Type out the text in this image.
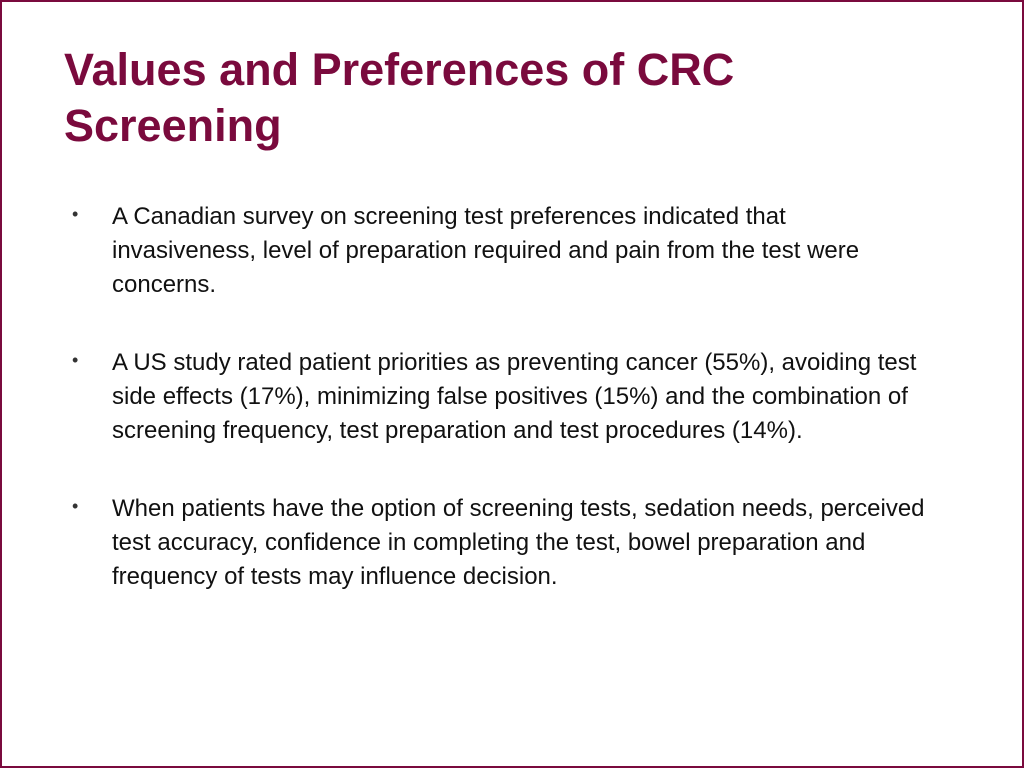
Values and Preferences of CRC
Screening
• A Canadian survey on screening test preferences indicated that invasiveness, level of preparation required and pain from the test were concerns.
• A US study rated patient priorities as preventing cancer (55%), avoiding test side effects (17%), minimizing false positives (15%) and the combination of screening frequency, test preparation and test procedures (14%).
• When patients have the option of screening tests, sedation needs, perceived test accuracy, confidence in completing the test, bowel preparation and frequency of tests may influence decision.
